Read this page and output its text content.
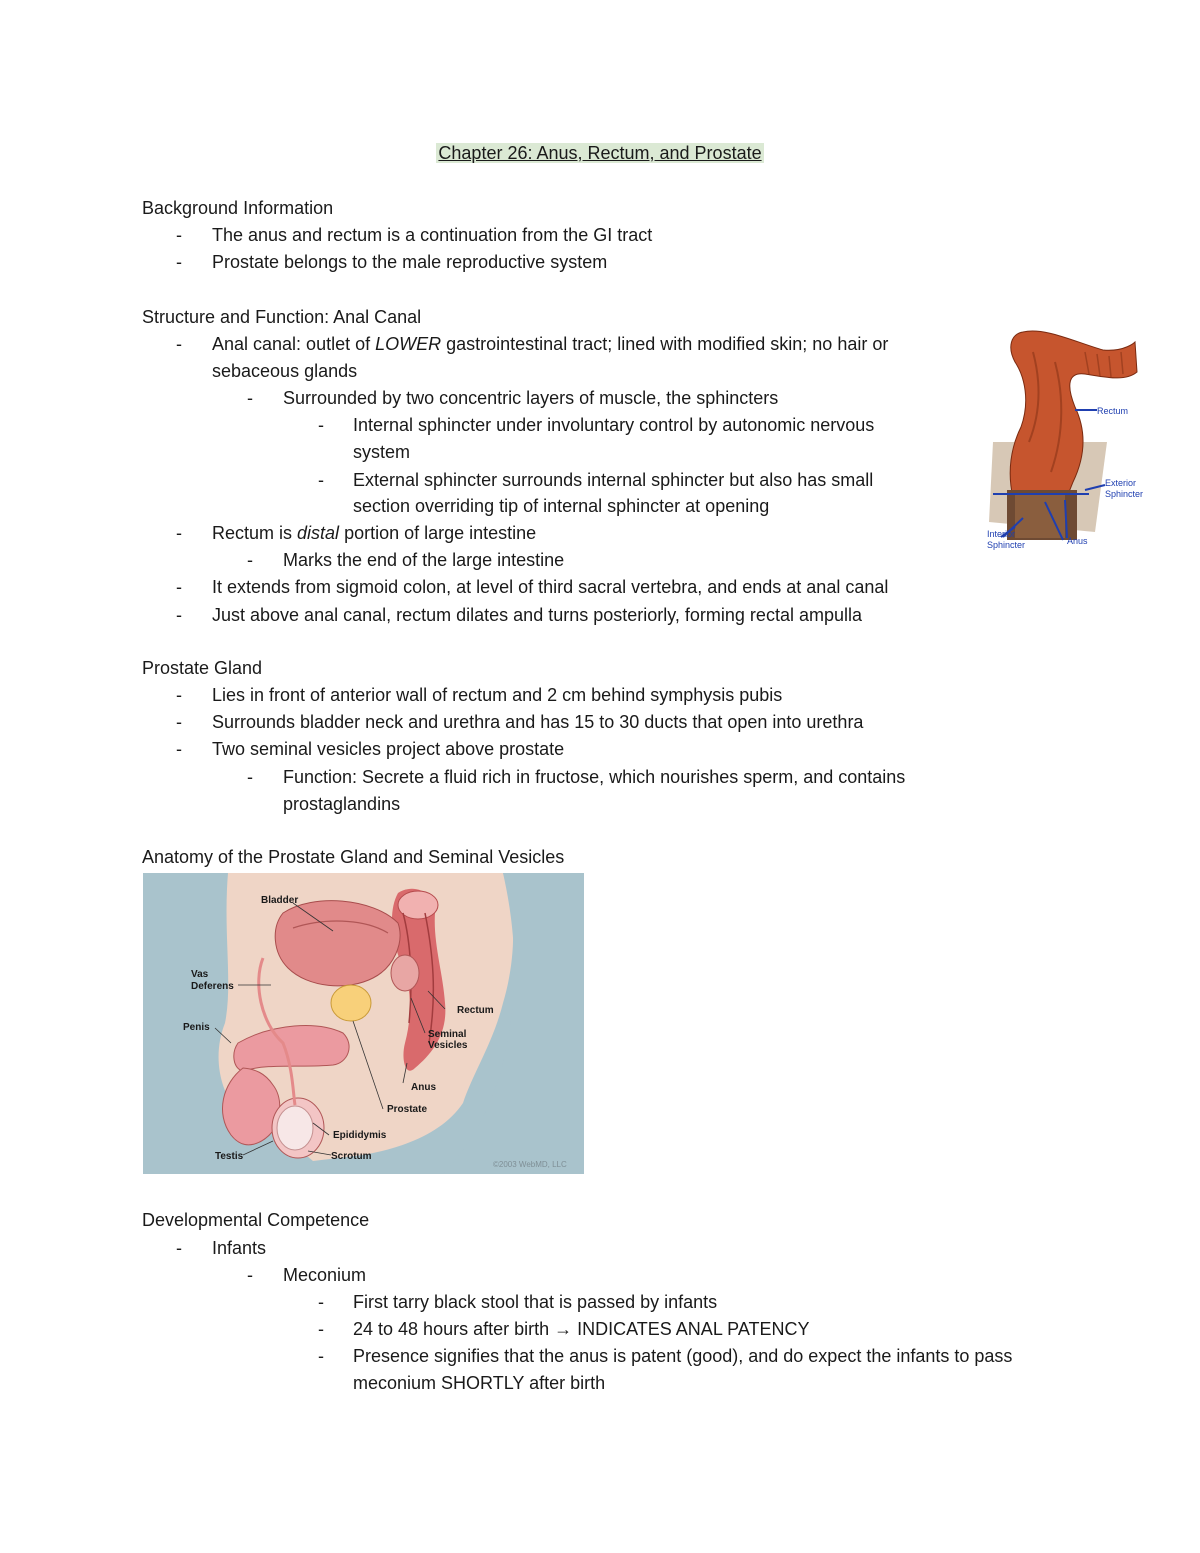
Chapter 26: Anus, Rectum, and Prostate
Background Information
- The anus and rectum is a continuation from the GI tract
- Prostate belongs to the male reproductive system
Structure and Function: Anal Canal
- Anal canal: outlet of LOWER gastrointestinal tract; lined with modified skin; no hair or
sebaceous glands
- Surrounded by two concentric layers of muscle, the sphincters
- Internal sphincter under involuntary control by autonomic nervous
system
- External sphincter surrounds internal sphincter but also has small
section overriding tip of internal sphincter at opening
- Rectum is distal portion of large intestine
- Marks the end of the large intestine
- It extends from sigmoid colon, at level of third sacral vertebra, and ends at anal canal
- Just above anal canal, rectum dilates and turns posteriorly, forming rectal ampulla
Rectum
Exterior
Sphincter
Interior
Sphincter	Anus
Prostate Gland
- Lies in front of anterior wall of rectum and 2 cm behind symphysis pubis
- Surrounds bladder neck and urethra and has 15 to 30 ducts that open into urethra
- Two seminal vesicles project above prostate
- Function: Secrete a fluid rich in fructose, which nourishes sperm, and contains
prostaglandins
Anatomy of the Prostate Gland and Seminal Vesicles
Bladder
Vas
Deferens
Penis
Rectum
Seminal
Vesicles
Anus
Prostate
Epididymis
Testis	Scrotum
©2003 WebMD, LLC
Developmental Competence
- Infants
- Meconium
- First tarry black stool that is passed by infants
- 24 to 48 hours after birth → INDICATES ANAL PATENCY
- Presence signifies that the anus is patent (good), and do expect the infants to pass
meconium SHORTLY after birth
